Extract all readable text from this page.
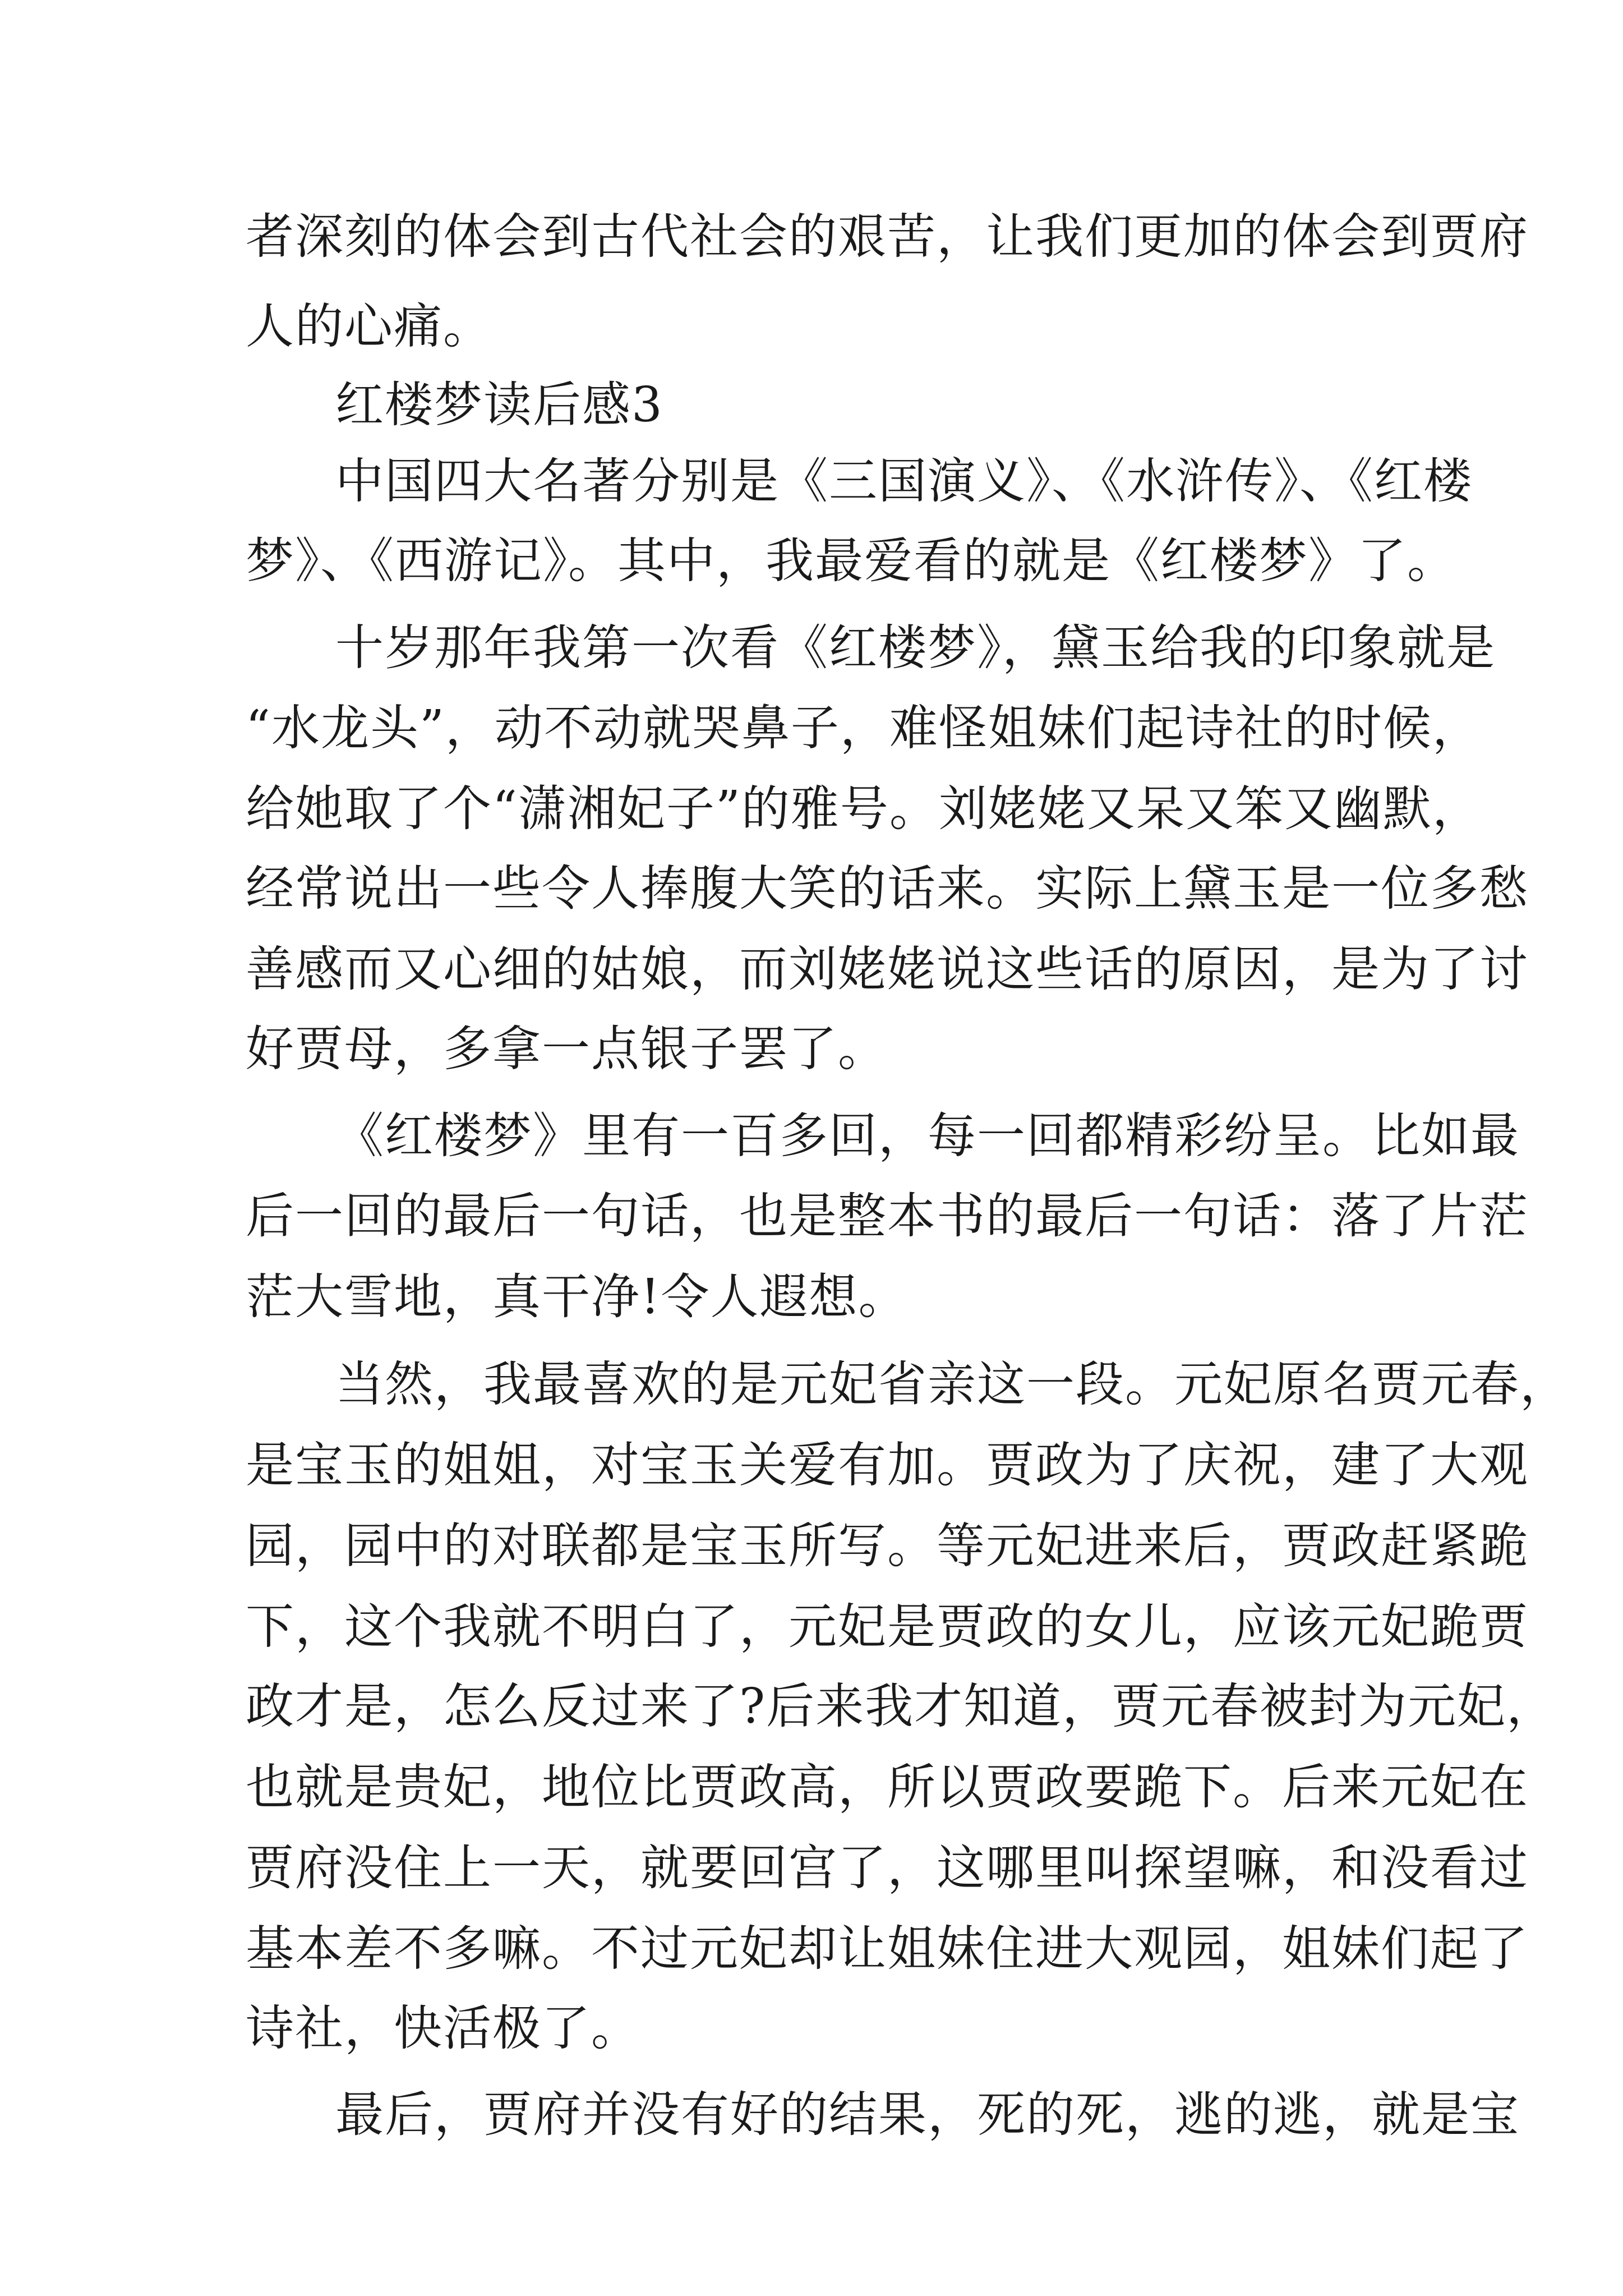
者深刻的体会到古代社会的艰苦，让我们更加的体会到贾府
人的心痛。
红楼梦读后感3
中国四大名著分别是《三国演义》、《水浒传》、《红楼
梦》、《西游记》。其中，我最爱看的就是《红楼梦》了。
十岁那年我第一次看《红楼梦》，黛玉给我的印象就是
“水龙头”，动不动就哭鼻子，难怪姐妹们起诗社的时候，
给她取了个“潇湘妃子”的雅号。刘姥姥又呆又笨又幽默，
经常说出一些令人捧腹大笑的话来。实际上黛玉是一位多愁
善感而又心细的姑娘，而刘姥姥说这些话的原因，是为了讨
好贾母，多拿一点银子罢了。
《红楼梦》里有一百多回，每一回都精彩纷呈。比如最
后一回的最后一句话，也是整本书的最后一句话：落了片茫
茫大雪地，真干净!令人遐想。
当然，我最喜欢的是元妃省亲这一段。元妃原名贾元春，
是宝玉的姐姐，对宝玉关爱有加。贾政为了庆祝，建了大观
园，园中的对联都是宝玉所写。等元妃进来后，贾政赶紧跪
下，这个我就不明白了，元妃是贾政的女儿，应该元妃跪贾
政才是，怎么反过来了?后来我才知道，贾元春被封为元妃，
也就是贵妃，地位比贾政高，所以贾政要跪下。后来元妃在
贾府没住上一天，就要回宫了，这哪里叫探望嘛，和没看过
基本差不多嘛。不过元妃却让姐妹住进大观园，姐妹们起了
诗社，快活极了。
最后，贾府并没有好的结果，死的死，逃的逃，就是宝
